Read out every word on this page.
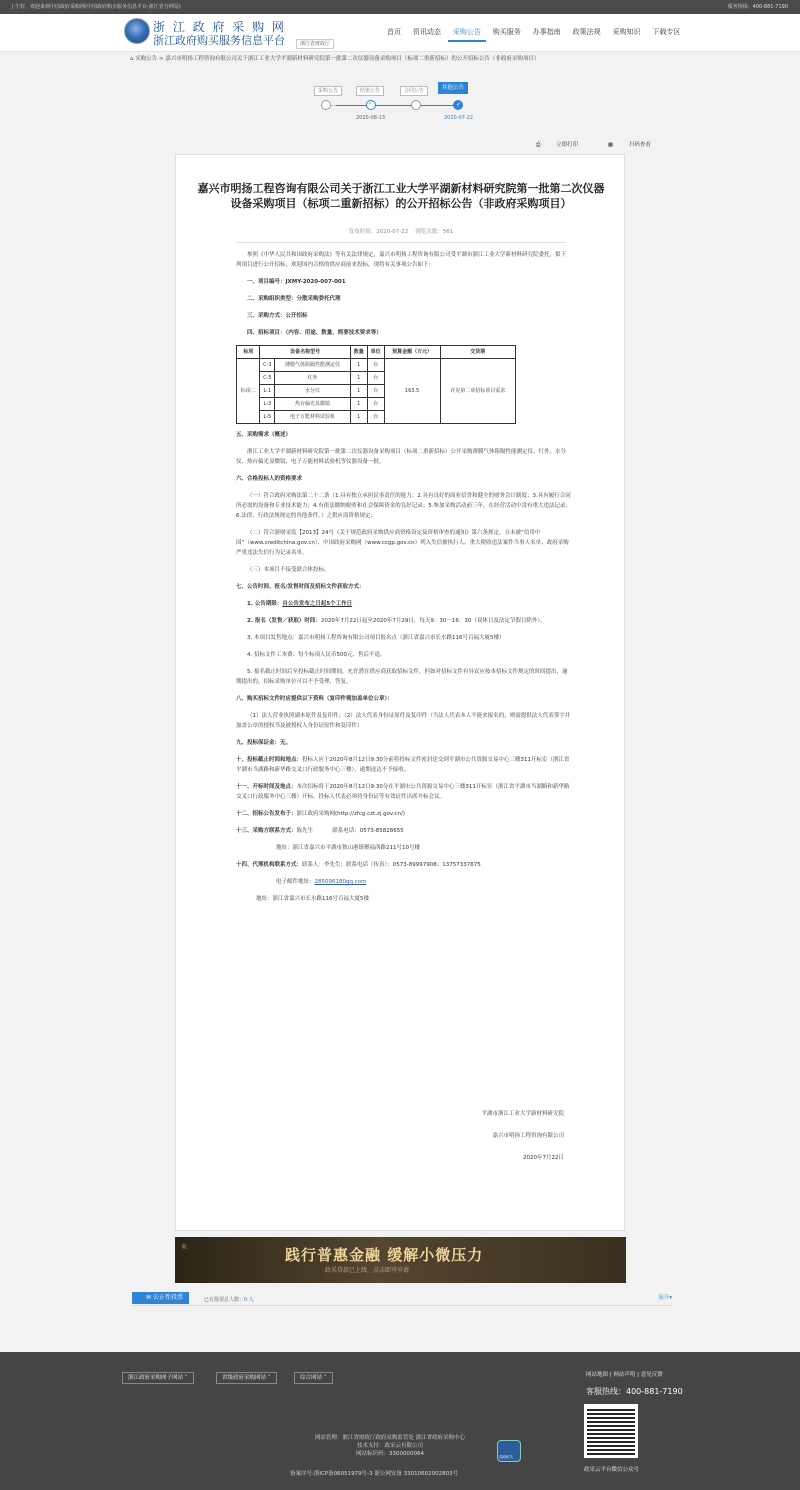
上午好，欢迎来到中国政府采购网(中国政府购买服务信息平台-浙江省分网站)	服务热线：400-881-7190
浙 江 政 府 采 购 网
浙江政府购买服务信息平台	浙江省财政厅
首页 资讯动态 采购公告 购买服务 办事指南 政策法规 采购知识 下载专区
⌂ 采购公告 > 嘉兴市明扬工程咨询有限公司关于浙江工业大学平湖新材料研究院第一批第二次仪器设备采购项目（标项二重新招标）的公开招标公告（非政府采购项目）
采购公告	结果公告	合同公告	其他公告
✓
✓
2020-08-13	2020-07-22
⎙	立即打印	▦	扫码查看
嘉兴市明扬工程咨询有限公司关于浙江工业大学平湖新材料研究院第一批第二次仪器设备采购项目（标项二重新招标）的公开招标公告（非政府采购项目）
发布时间：2020-07-22 浏览次数：561

参照《中华人民共和国政府采购法》等有关法律规定，嘉兴市明扬工程咨询有限公司受平湖市浙江工业大学新材料研究院委托，拟下列项目进行公开招标，欢迎国内合格的供应商前来投标，现将有关事项公告如下：

一、项目编号：JXMY-2020-007-001

二、采购组织类型：分散采购委托代理

三、采购方式：公开招标

四、招标项目：（内容、用途、数量、简要技术要求等）

标项	设备名称型号		数量	单位	预算金额（万元）	交货期
标项二	C-3	薄膜气体阻隔性能测定仪	1	台	163.5	详见第二章招标项目需求
	C-5	红外	1	台		
	L-1	水分仪	1	台		
	L-3	热台偏光显微镜	1	台		
	L-5	电子万能材料试验机	1	台		

五、采购需求（概述）

浙江工业大学平湖新材料研究院第一批第二次仪器设备采购项目（标项二重新招标）公开采购薄膜气体阻隔性能测定仪、红外、水分仪、热台偏光显微镜、电子万能材料试验机等仪器设备一批。

六、合格投标人的资格要求

（一）符合政府采购法第二十二条（1.具有独立承担民事责任的能力；2.具有良好的商业信誉和健全的财务会计制度；3.具有履行合同所必需的设备和专业技术能力；4.有依法缴纳税收和社会保障资金的良好记录；5.参加采购活动前三年，在经营活动中没有重大违法记录；6.法律、行政法规规定的其他条件。）之供应商资格规定；

（二）符合浙财采监【2013】24号《关于规范政府采购供应商资格设定及资格审查的通知》第六条规定，且未被“信用中国”（www.creditchina.gov.cn）、中国政府采购网（www.ccgp.gov.cn）列入失信被执行人、重大税收违法案件当事人名单、政府采购严重违法失信行为记录名单。

（三）本项目不接受联合体投标。

七、公告时间、报名/发售时间及招标文件获取方式：

1. 公告期限：自公告发布之日起5个工作日

2. 报名（发售／获取）时间：2020年7月22日起至2020年7月29日，每天9：30－16：30（双休日及法定节假日除外）。

3. 本项目发售地点：嘉兴市明扬工程咨询有限公司项目报名点（浙江省嘉兴市长水路116号百福大厦5楼）

4. 招标文件工本费：每个标项人民币500元，售后不退。

5. 报名截止时间后至投标截止时间期间，允许潜在供应商获取招标文件，但如对招标文件有异议应按本招标文件规定的时间提出，逾期提出的，招标采购单位可以不予受理、答复。

八、购买招标文件时应提供以下资料（复印件需加盖单位公章）：

（1）法人营业执照副本原件及复印件；（2）法人代表身份证原件及复印件（当法人代表本人不能来报名的，则需提供法人代表签字并加盖公章的授权书及被授权人身份证原件和复印件）

九、投标保证金：无。

十、投标截止时间和地点：投标人应于2020年8月12日9:30分前将投标文件密封送交到平湖市公共资源交易中心三楼311开标室（浙江省平湖市当湖路和新华路交叉口行政服务中心三楼），逾期送达不予接收。

十一、开标时间及地点：本次招标将于2020年8月12日9:30分在平湖市公共资源交易中心三楼311开标室（浙江省平湖市当湖路和新华路交叉口行政服务中心三楼）开标，投标人代表必须持身份证等有效证件出席开标会议。

十二、招标公告发布于：浙江政府采购网(http://zfcg.czt.zj.gov.cn/)

十三、采购方联系方式：陈先生	联系电话：0573-85828655

地址：浙江省嘉兴市平湖市独山港镇聚福西路211号10号楼

十四、代理机构联系方式：联系人：李先生；联系电话（传真）：0573-89997908；13757337675

电子邮件地址：285096180qq.com

地址：浙江省嘉兴市长水路116号百福大厦5楼

平湖市浙江工业大学新材料研究院
嘉兴市明扬工程咨询有限公司
2020年7月22日
米	践行普惠金融 缓解小微压力
政采贷款已上线，点击即可申请
✉ 公正性投票	已有投票总人数：0 人	展开▾
浙江政府采购网子网站 ˅	省级政府采购网站 ˅	综合网站 ˅	网站地图 | 网站声明 | 意见反馈
客服热线：400-881-7190
政采云平台微信公众号
网站管理：浙江省财政厅政府采购监管处 浙江省政府采购中心
技术支持：政采云有限公司
网站标识码：3300000064	党政机关
备案序号:浙ICP备06051979号-3 浙公网安备 33010602002803号
